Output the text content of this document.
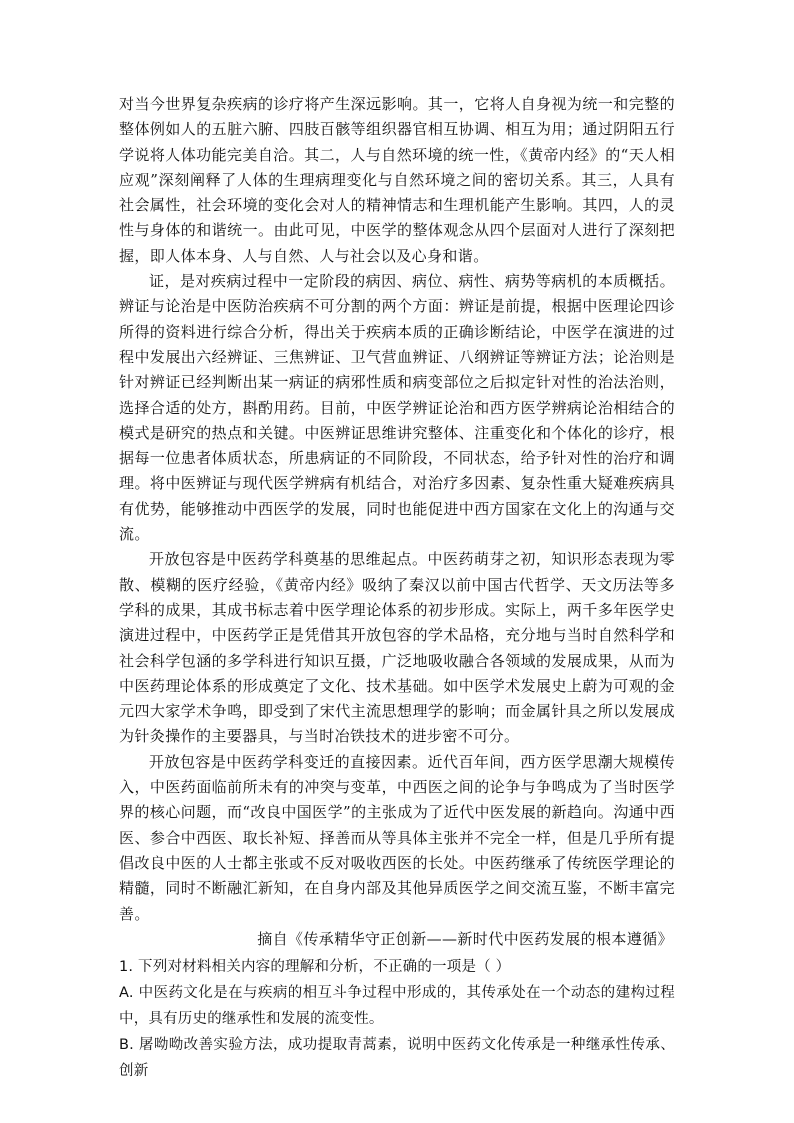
对当今世界复杂疾病的诊疗将产生深远影响。其一，它将人自身视为统一和完整的整体例如人的五脏六腑、四肢百骸等组织器官相互协调、相互为用；通过阴阳五行学说将人体功能完美自洽。其二，人与自然环境的统一性，《黄帝内经》的“天人相应观”深刻阐释了人体的生理病理变化与自然环境之间的密切关系。其三，人具有社会属性，社会环境的变化会对人的精神情志和生理机能产生影响。其四，人的灵性与身体的和谐统一。由此可见，中医学的整体观念从四个层面对人进行了深刻把握，即人体本身、人与自然、人与社会以及心身和谐。

证，是对疾病过程中一定阶段的病因、病位、病性、病势等病机的本质概括。辨证与论治是中医防治疾病不可分割的两个方面：辨证是前提，根据中医理论四诊所得的资料进行综合分析，得出关于疾病本质的正确诊断结论，中医学在演进的过程中发展出六经辨证、三焦辨证、卫气营血辨证、八纲辨证等辨证方法；论治则是针对辨证已经判断出某一病证的病邪性质和病变部位之后拟定针对性的治法治则，选择合适的处方，斟酌用药。目前，中医学辨证论治和西方医学辨病论治相结合的模式是研究的热点和关键。中医辨证思维讲究整体、注重变化和个体化的诊疗，根据每一位患者体质状态，所患病证的不同阶段，不同状态，给予针对性的治疗和调理。将中医辨证与现代医学辨病有机结合，对治疗多因素、复杂性重大疑难疾病具有优势，能够推动中西医学的发展，同时也能促进中西方国家在文化上的沟通与交流。

开放包容是中医药学科奠基的思维起点。中医药萌芽之初，知识形态表现为零散、模糊的医疗经验，《黄帝内经》吸纳了秦汉以前中国古代哲学、天文历法等多学科的成果，其成书标志着中医学理论体系的初步形成。实际上，两千多年医学史演进过程中，中医药学正是凭借其开放包容的学术品格，充分地与当时自然科学和社会科学包涵的多学科进行知识互摄，广泛地吸收融合各领域的发展成果，从而为中医药理论体系的形成奠定了文化、技术基础。如中医学术发展史上蔚为可观的金元四大家学术争鸣，即受到了宋代主流思想理学的影响；而金属针具之所以发展成为针灸操作的主要器具，与当时冶铁技术的进步密不可分。

开放包容是中医药学科变迁的直接因素。近代百年间，西方医学思潮大规模传入，中医药面临前所未有的冲突与变革，中西医之间的论争与争鸣成为了当时医学界的核心问题，而“改良中国医学”的主张成为了近代中医发展的新趋向。沟通中西医、参合中西医、取长补短、择善而从等具体主张并不完全一样，但是几乎所有提倡改良中医的人士都主张或不反对吸收西医的长处。中医药继承了传统医学理论的精髓，同时不断融汇新知，在自身内部及其他异质医学之间交流互鉴，不断丰富完善。

摘自《传承精华守正创新——新时代中医药发展的根本遵循》

1. 下列对材料相关内容的理解和分析，不正确的一项是（ ）

A. 中医药文化是在与疾病的相互斗争过程中形成的，其传承处在一个动态的建构过程中，具有历史的继承性和发展的流变性。

B. 屠呦呦改善实验方法，成功提取青蒿素，说明中医药文化传承是一种继承性传承、创新
